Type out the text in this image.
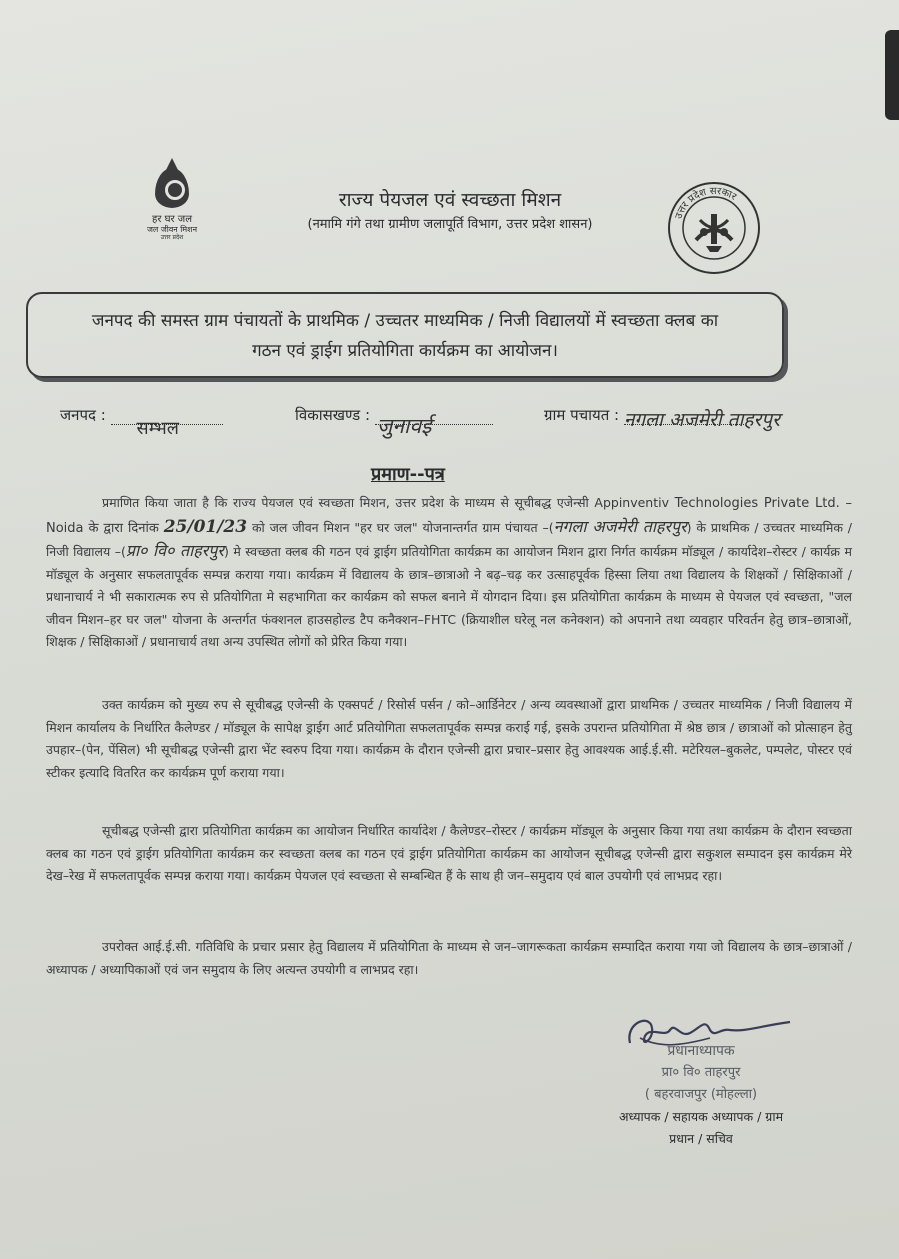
हर घर जल
जल जीवन मिशन
उत्तर प्रदेश
राज्य पेयजल एवं स्वच्छता मिशन
(नमामि गंगे तथा ग्रामीण जलापूर्ति विभाग, उत्तर प्रदेश शासन)
उत्तर प्रदेश सरकार
जनपद की समस्त ग्राम पंचायतों के प्राथमिक / उच्चतर माध्यमिक / निजी विद्यालयों में स्वच्छता क्लब का
गठन एवं ड्राईग प्रतियोगिता कार्यक्रम का आयोजन।
जनपद :
सम्भल
विकासखण्ड : जुनावई	ग्राम पचायत : नगला अजमेरी ताहरपुर
प्रमाण--पत्र

प्रमाणित किया जाता है कि राज्य पेयजल एवं स्वच्छता मिशन, उत्तर प्रदेश के माध्यम से सूचीबद्ध एजेन्सी Appinventiv Technologies Private Ltd. – Noida के द्वारा दिनांक 25/01/23 को जल जीवन मिशन "हर घर जल" योजनान्तर्गत ग्राम पंचायत –(नगला अजमेरी ताहरपुर) के प्राथमिक / उच्चतर माध्यमिक / निजी विद्यालय –(प्रा० वि० ताहरपुर) मे स्वच्छता क्लब की गठन एवं ड्राईग प्रतियोगिता कार्यक्रम का आयोजन मिशन द्वारा निर्गत कार्यक्रम मॉड्यूल / कार्यादेश–रोस्टर / कार्यक्र म मॉड्यूल के अनुसार सफलतापूर्वक सम्पन्न कराया गया। कार्यक्रम में विद्यालय के छात्र–छात्राओ ने बढ़–चढ़ कर उत्साहपूर्वक हिस्सा लिया तथा विद्यालय के शिक्षकों / सिक्षिकाओं / प्रधानाचार्य ने भी सकारात्मक रुप से प्रतियोगिता मे सहभागिता कर कार्यक्रम को सफल बनाने में योगदान दिया। इस प्रतियोगिता कार्यक्रम के माध्यम से पेयजल एवं स्वच्छता, "जल जीवन मिशन–हर घर जल" योजना के अन्तर्गत फंक्शनल हाउसहोल्ड टैप कनैक्शन–FHTC (क्रियाशील घरेलू नल कनेक्शन) को अपनाने तथा व्यवहार परिवर्तन हेतु छात्र–छात्राओं, शिक्षक / सिक्षिकाओं / प्रधानाचार्य तथा अन्य उपस्थित लोगों को प्रेरित किया गया।

उक्त कार्यक्रम को मुख्य रुप से सूचीबद्ध एजेन्सी के एक्सपर्ट / रिसोर्स पर्सन / को–आर्डिनेटर / अन्य व्यवस्थाओं द्वारा प्राथमिक / उच्चतर माध्यमिक / निजी विद्यालय में मिशन कार्यालय के निर्धारित कैलेण्डर / मॉड्यूल के सापेक्ष ड्राईग आर्ट प्रतियोगिता सफलतापूर्वक सम्पन्न कराई गई, इसके उपरान्त प्रतियोगिता में श्रेष्ठ छात्र / छात्राओं को प्रोत्साहन हेतु उपहार–(पेन, पेंसिल) भी सूचीबद्ध एजेन्सी द्वारा भेंट स्वरुप दिया गया। कार्यक्रम के दौरान एजेन्सी द्वारा प्रचार–प्रसार हेतु आवश्यक आई.ई.सी. मटेरियल–बुकलेट, पम्पलेट, पोस्टर एवं स्टीकर इत्यादि वितरित कर कार्यक्रम पूर्ण कराया गया।

सूचीबद्ध एजेन्सी द्वारा प्रतियोगिता कार्यक्रम का आयोजन निर्धारित कार्यादेश / कैलेण्डर–रोस्टर / कार्यक्रम मॉड्यूल के अनुसार किया गया तथा कार्यक्रम के दौरान स्वच्छता क्लब का गठन एवं ड्राईग प्रतियोगिता कार्यक्रम कर स्वच्छता क्लब का गठन एवं ड्राईग प्रतियोगिता कार्यक्रम का आयोजन सूचीबद्ध एजेन्सी द्वारा सकुशल सम्पादन इस कार्यक्रम मेरे देख–रेख में सफलतापूर्वक सम्पन्न कराया गया। कार्यक्रम पेयजल एवं स्वच्छता से सम्बन्धित हैं के साथ ही जन–समुदाय एवं बाल उपयोगी एवं लाभप्रद रहा।

उपरोक्त आई.ई.सी. गतिविधि के प्रचार प्रसार हेतु विद्यालय में प्रतियोगिता के माध्यम से जन–जागरूकता कार्यक्रम सम्पादित कराया गया जो विद्यालय के छात्र–छात्राओं / अध्यापक / अध्यापिकाओं एवं जन समुदाय के लिए अत्यन्त उपयोगी व लाभप्रद रहा।

प्रधानाध्यापक
प्रा० वि० ताहरपुर
( बहरवाजपुर (मोहल्ला)
अध्यापक / सहायक अध्यापक / ग्राम
प्रधान / सचिव
